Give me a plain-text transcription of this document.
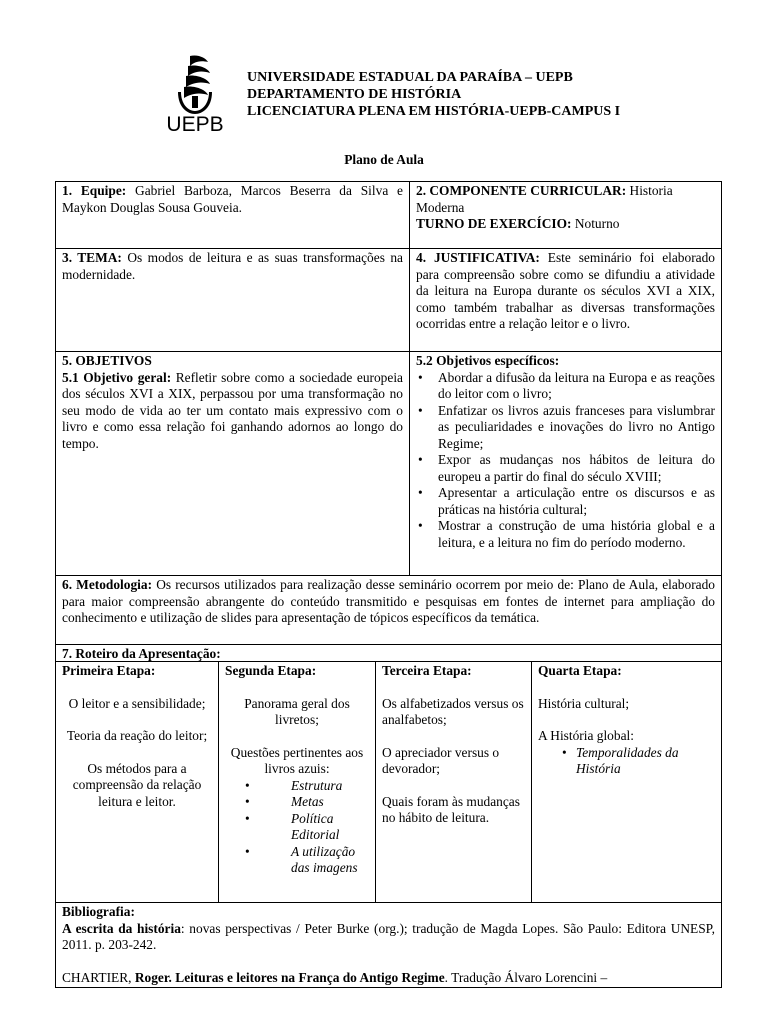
UEPB
UNIVERSIDADE ESTADUAL DA PARAÍBA – UEPB
DEPARTAMENTO DE HISTÓRIA
LICENCIATURA PLENA EM HISTÓRIA-UEPB-CAMPUS I
Plano de Aula
1. Equipe: Gabriel Barboza, Marcos Beserra da Silva e Maykon Douglas Sousa Gouveia.
2. COMPONENTE CURRICULAR: Historia Moderna
TURNO DE EXERCÍCIO: Noturno
3. TEMA: Os modos de leitura e as suas transformações na modernidade.
4. JUSTIFICATIVA: Este seminário foi elaborado para compreensão sobre como se difundiu a atividade da leitura na Europa durante os séculos XVI a XIX, como também trabalhar as diversas transformações ocorridas entre a relação leitor e o livro.
5. OBJETIVOS
5.1 Objetivo geral: Refletir sobre como a sociedade europeia dos séculos XVI a XIX, perpassou por uma transformação no seu modo de vida ao ter um contato mais expressivo com o livro e como essa relação foi ganhando adornos ao longo do tempo.
5.2 Objetivos específicos:
• Abordar a difusão da leitura na Europa e as reações do leitor com o livro;
• Enfatizar os livros azuis franceses para vislumbrar as peculiaridades e inovações do livro no Antigo Regime;
• Expor as mudanças nos hábitos de leitura do europeu a partir do final do século XVIII;
• Apresentar a articulação entre os discursos e as práticas na história cultural;
• Mostrar a construção de uma história global e a leitura, e a leitura no fim do período moderno.
6. Metodologia: Os recursos utilizados para realização desse seminário ocorrem por meio de: Plano de Aula, elaborado para maior compreensão abrangente do conteúdo transmitido e pesquisas em fontes de internet para ampliação do conhecimento e utilização de slides para apresentação de tópicos específicos da temática.
7. Roteiro da Apresentação:
Primeira Etapa:

O leitor e a sensibilidade;

Teoria da reação do leitor;

Os métodos para a compreensão da relação leitura e leitor.

Segunda Etapa:

Panorama geral dos livretos;

Questões pertinentes aos livros azuis:

• Estrutura
• Metas
• Política Editorial
• A utilização das imagens
Terceira Etapa:

Os alfabetizados versus os analfabetos;

O apreciador versus o devorador;

Quais foram às mudanças no hábito de leitura.

Quarta Etapa:

História cultural;

A História global:

• Temporalidades da História
Bibliografia:
A escrita da história: novas perspectivas / Peter Burke (org.); tradução de Magda Lopes. São Paulo: Editora UNESP, 2011. p. 203-242.
CHARTIER, Roger. Leituras e leitores na França do Antigo Regime. Tradução Álvaro Lorencini –
